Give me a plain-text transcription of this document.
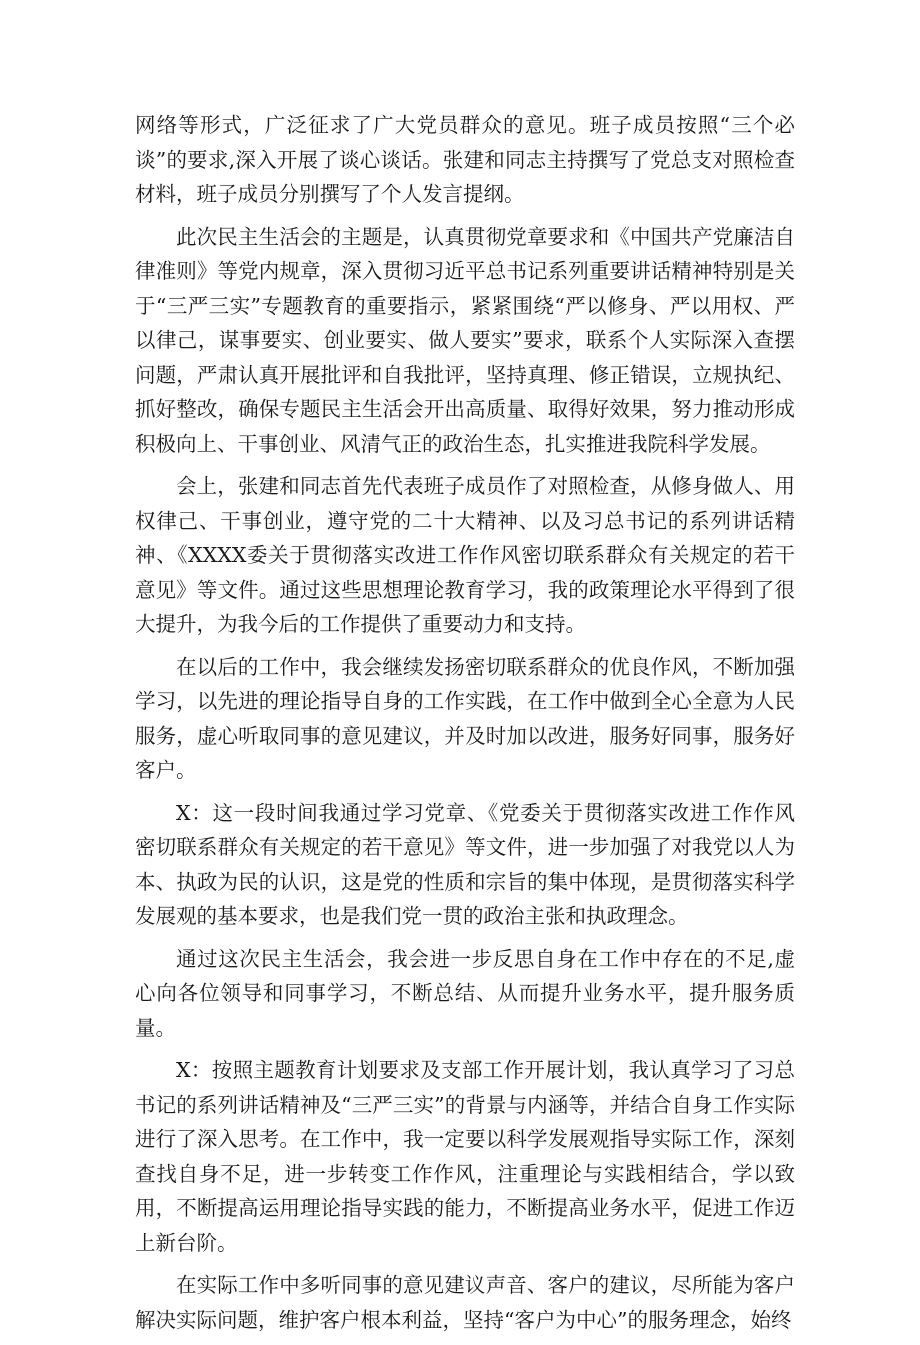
网络等形式，广泛征求了广大党员群众的意见。班子成员按照“三个必谈”的要求,深入开展了谈心谈话。张建和同志主持撰写了党总支对照检查材料，班子成员分别撰写了个人发言提纲。

此次民主生活会的主题是，认真贯彻党章要求和《中国共产党廉洁自律准则》等党内规章，深入贯彻习近平总书记系列重要讲话精神特别是关于“三严三实”专题教育的重要指示，紧紧围绕“严以修身、严以用权、严以律己，谋事要实、创业要实、做人要实”要求，联系个人实际深入查摆问题，严肃认真开展批评和自我批评，坚持真理、修正错误，立规执纪、抓好整改，确保专题民主生活会开出高质量、取得好效果，努力推动形成积极向上、干事创业、风清气正的政治生态，扎实推进我院科学发展。

会上，张建和同志首先代表班子成员作了对照检查，从修身做人、用权律己、干事创业，遵守党的二十大精神、以及习总书记的系列讲话精神、《XXXX委关于贯彻落实改进工作作风密切联系群众有关规定的若干意见》等文件。通过这些思想理论教育学习，我的政策理论水平得到了很大提升，为我今后的工作提供了重要动力和支持。

在以后的工作中，我会继续发扬密切联系群众的优良作风，不断加强学习，以先进的理论指导自身的工作实践，在工作中做到全心全意为人民服务，虚心听取同事的意见建议，并及时加以改进，服务好同事，服务好客户。

X：这一段时间我通过学习党章、《党委关于贯彻落实改进工作作风密切联系群众有关规定的若干意见》等文件，进一步加强了对我党以人为本、执政为民的认识，这是党的性质和宗旨的集中体现，是贯彻落实科学发展观的基本要求，也是我们党一贯的政治主张和执政理念。

通过这次民主生活会，我会进一步反思自身在工作中存在的不足,虚心向各位领导和同事学习，不断总结、从而提升业务水平，提升服务质量。

X：按照主题教育计划要求及支部工作开展计划，我认真学习了习总书记的系列讲话精神及“三严三实”的背景与内涵等，并结合自身工作实际进行了深入思考。在工作中，我一定要以科学发展观指导实际工作，深刻查找自身不足，进一步转变工作作风，注重理论与实践相结合，学以致用，不断提高运用理论指导实践的能力，不断提高业务水平，促进工作迈上新台阶。

在实际工作中多听同事的意见建议声音、客户的建议，尽所能为客户解决实际问题，维护客户根本利益，坚持“客户为中心”的服务理念，始终
